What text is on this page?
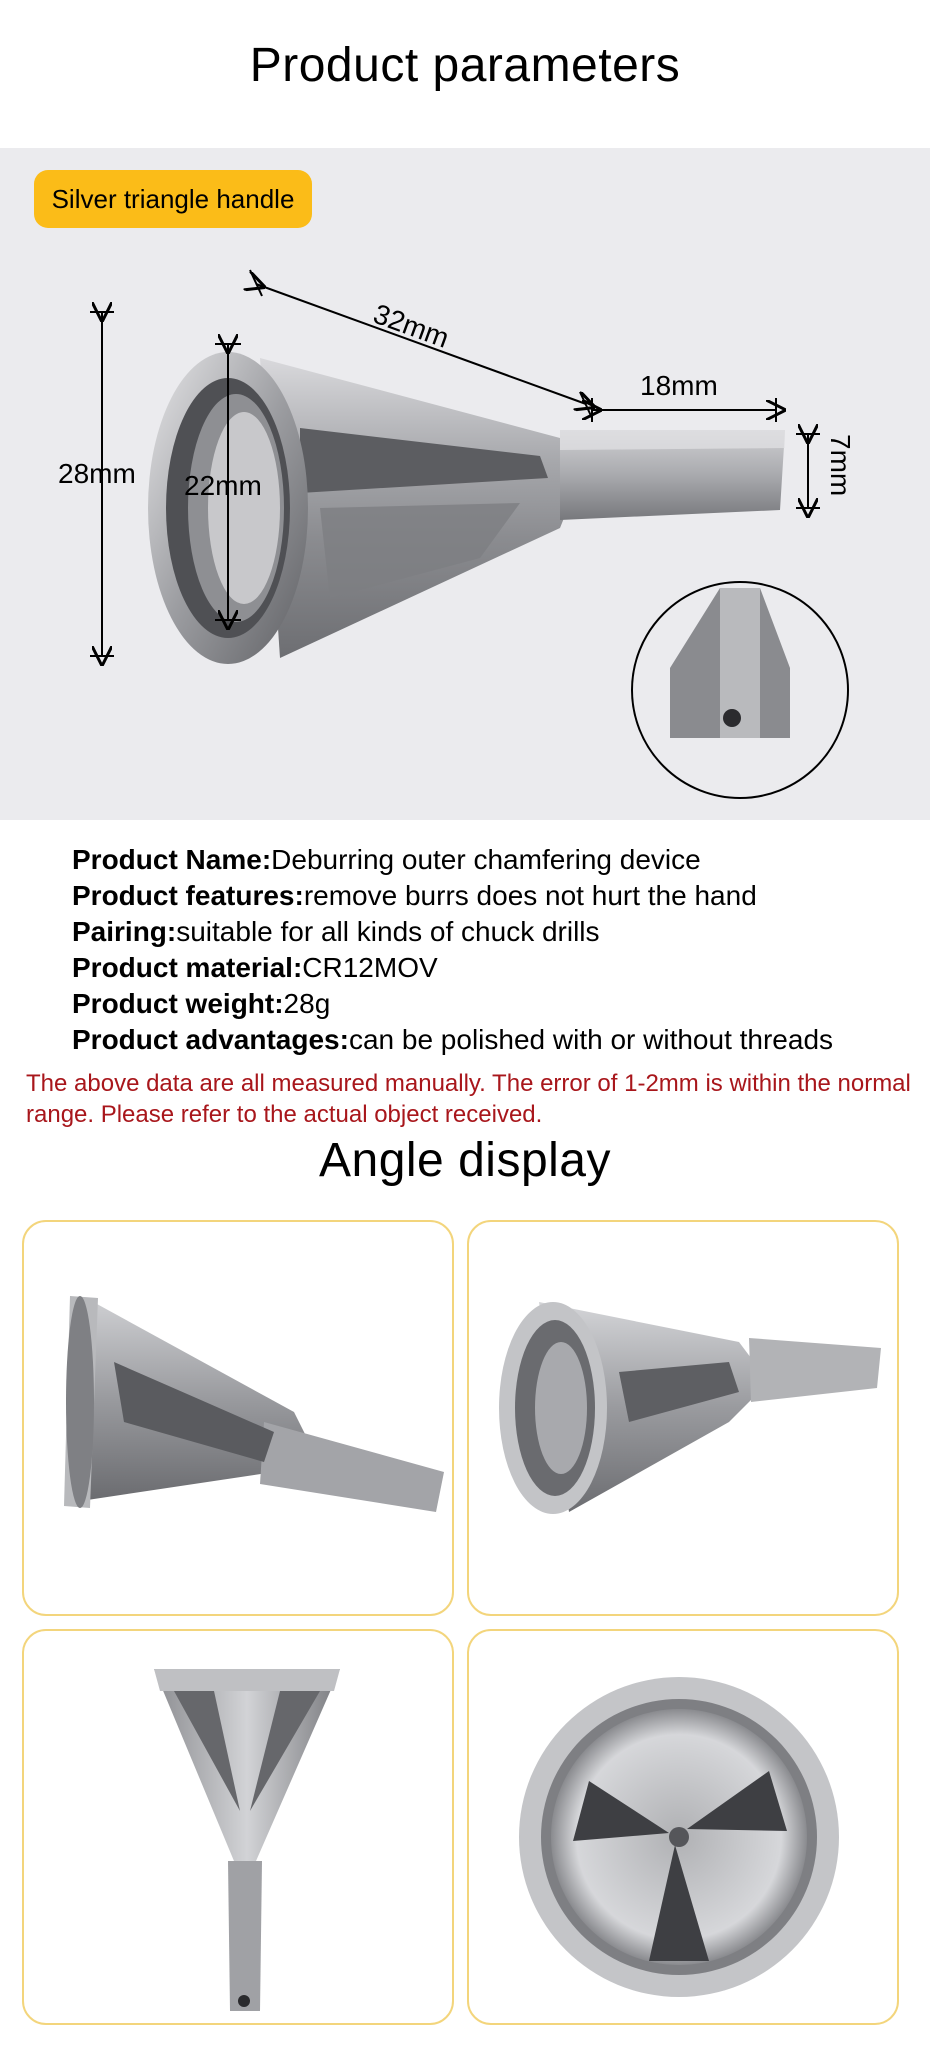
Product parameters
Silver triangle handle
28mm 22mm
32mm
18mm
7mm
Product Name:Deburring outer chamfering device
Product features:remove burrs does not hurt the hand
Pairing:suitable for all kinds of chuck drills
Product material:CR12MOV
Product weight:28g
Product advantages:can be polished with or without threads
The above data are all measured manually. The error of 1-2mm is within the normal range. Please refer to the actual object received.
Angle display
